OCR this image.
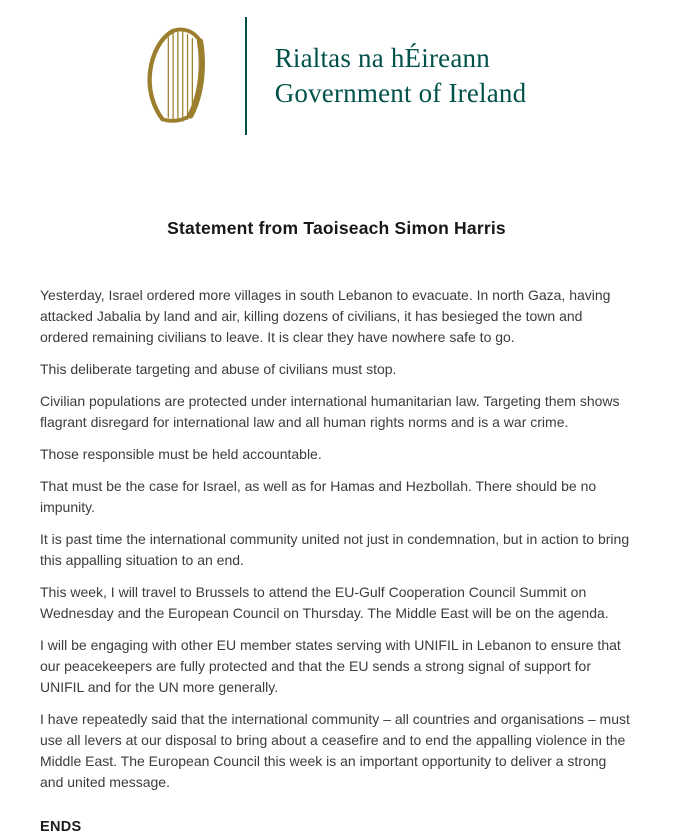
Rialtas na hÉireann
Government of Ireland
Statement from Taoiseach Simon Harris

Yesterday, Israel ordered more villages in south Lebanon to evacuate. In north Gaza, having attacked Jabalia by land and air, killing dozens of civilians, it has besieged the town and ordered remaining civilians to leave. It is clear they have nowhere safe to go.

This deliberate targeting and abuse of civilians must stop.

Civilian populations are protected under international humanitarian law. Targeting them shows flagrant disregard for international law and all human rights norms and is a war crime.

Those responsible must be held accountable.

That must be the case for Israel, as well as for Hamas and Hezbollah. There should be no impunity.

It is past time the international community united not just in condemnation, but in action to bring this appalling situation to an end.

This week, I will travel to Brussels to attend the EU-Gulf Cooperation Council Summit on Wednesday and the European Council on Thursday. The Middle East will be on the agenda.

I will be engaging with other EU member states serving with UNIFIL in Lebanon to ensure that our peacekeepers are fully protected and that the EU sends a strong signal of support for UNIFIL and for the UN more generally.

I have repeatedly said that the international community – all countries and organisations – must use all levers at our disposal to bring about a ceasefire and to end the appalling violence in the Middle East. The European Council this week is an important opportunity to deliver a strong and united message.

ENDS
